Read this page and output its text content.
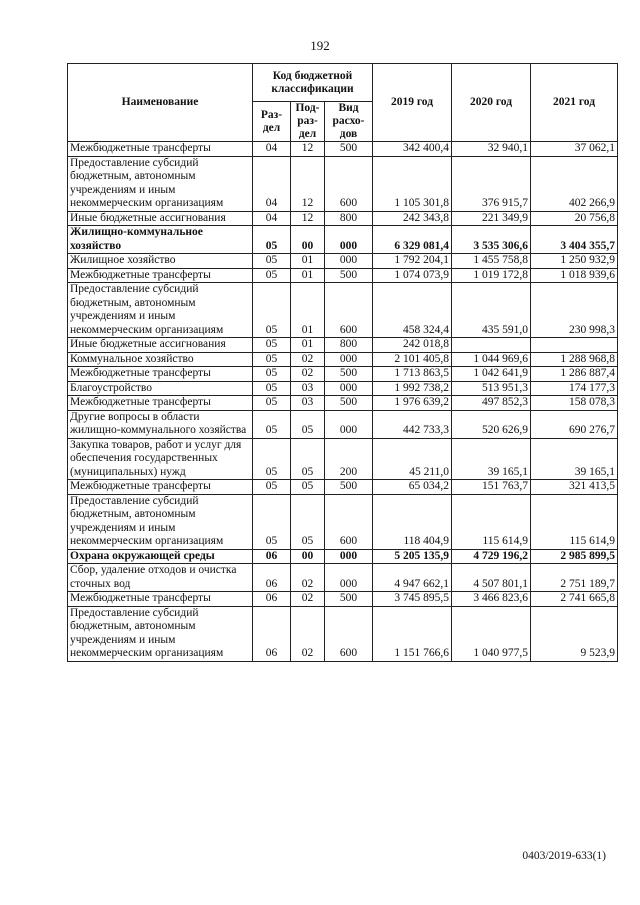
192
Наименование	Код бюджетной классификации			2019 год	2020 год	2021 год
	Раз-дел	Под-раз-дел	Вид расхо-дов			
Межбюджетные трансферты	04	12	500	342 400,4	32 940,1	37 062,1
Предоставление субсидий бюджетным, автономным учреждениям и иным некоммерческим организациям	04	12	600	1 105 301,8	376 915,7	402 266,9
Иные бюджетные ассигнования	04	12	800	242 343,8	221 349,9	20 756,8
Жилищно-коммунальное хозяйство	05	00	000	6 329 081,4	3 535 306,6	3 404 355,7
Жилищное хозяйство	05	01	000	1 792 204,1	1 455 758,8	1 250 932,9
Межбюджетные трансферты	05	01	500	1 074 073,9	1 019 172,8	1 018 939,6
Предоставление субсидий бюджетным, автономным учреждениям и иным некоммерческим организациям	05	01	600	458 324,4	435 591,0	230 998,3
Иные бюджетные ассигнования	05	01	800	242 018,8		
Коммунальное хозяйство	05	02	000	2 101 405,8	1 044 969,6	1 288 968,8
Межбюджетные трансферты	05	02	500	1 713 863,5	1 042 641,9	1 286 887,4
Благоустройство	05	03	000	1 992 738,2	513 951,3	174 177,3
Межбюджетные трансферты	05	03	500	1 976 639,2	497 852,3	158 078,3
Другие вопросы в области жилищно-коммунального хозяйства	05	05	000	442 733,3	520 626,9	690 276,7
Закупка товаров, работ и услуг для обеспечения государственных (муниципальных) нужд	05	05	200	45 211,0	39 165,1	39 165,1
Межбюджетные трансферты	05	05	500	65 034,2	151 763,7	321 413,5
Предоставление субсидий бюджетным, автономным учреждениям и иным некоммерческим организациям	05	05	600	118 404,9	115 614,9	115 614,9
Охрана окружающей среды	06	00	000	5 205 135,9	4 729 196,2	2 985 899,5
Сбор, удаление отходов и очистка сточных вод	06	02	000	4 947 662,1	4 507 801,1	2 751 189,7
Межбюджетные трансферты	06	02	500	3 745 895,5	3 466 823,6	2 741 665,8
Предоставление субсидий бюджетным, автономным учреждениям и иным некоммерческим организациям	06	02	600	1 151 766,6	1 040 977,5	9 523,9
0403/2019-633(1)
